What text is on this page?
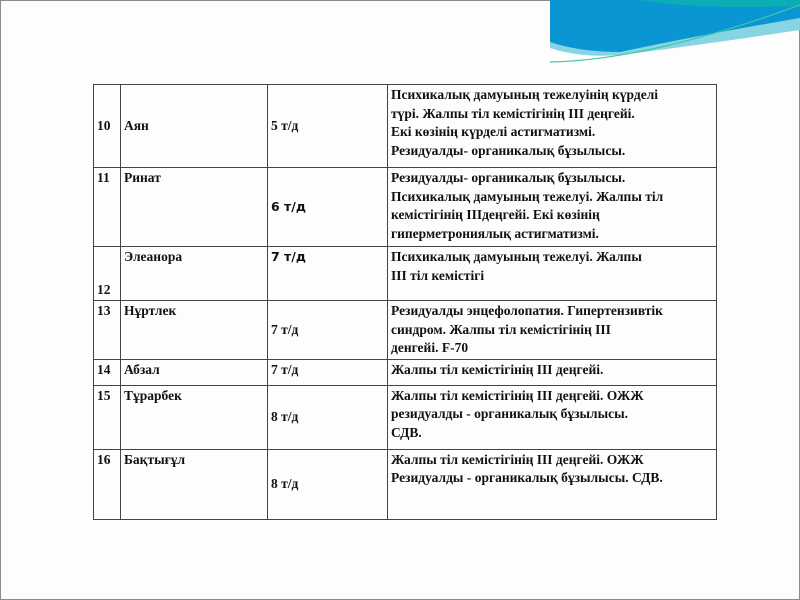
10	Аян	5 т/д	Психикалық дамуының тежелуінің күрделі
түрі. Жалпы тіл кемістігінің ІІІ деңгейі.
Екі көзінің күрделі астигматизмі.
Резидуалды- органикалық бұзылысы.

11	Ринат	6 т/д	Резидуалды- органикалық бұзылысы.
Психикалық дамуының тежелуі. Жалпы тіл
кемістігінің ІІІдеңгейі. Екі көзінің
гиперметрониялық астигматизмі.

12	Элеанора	7 т/д	Психикалық дамуының тежелуі. Жалпы
ІІІ тіл кемістігі

13	Нұртлек	7 т/д	Резидуалды энцефолопатия. Гипертензивтік
синдром. Жалпы тіл кемістігінің ІІІ
денгейі. F-70

14	Абзал	7 т/д	Жалпы тіл кемістігінің ІІІ деңгейі.

15	Тұрарбек	8 т/д	Жалпы тіл кемістігінің ІІІ деңгейі. ОЖЖ
резидуалды - органикалық бұзылысы.
СДВ.

16	Бақтығұл	8 т/д	Жалпы тіл кемістігінің ІІІ деңгейі. ОЖЖ
Резидуалды - органикалық бұзылысы. СДВ.
